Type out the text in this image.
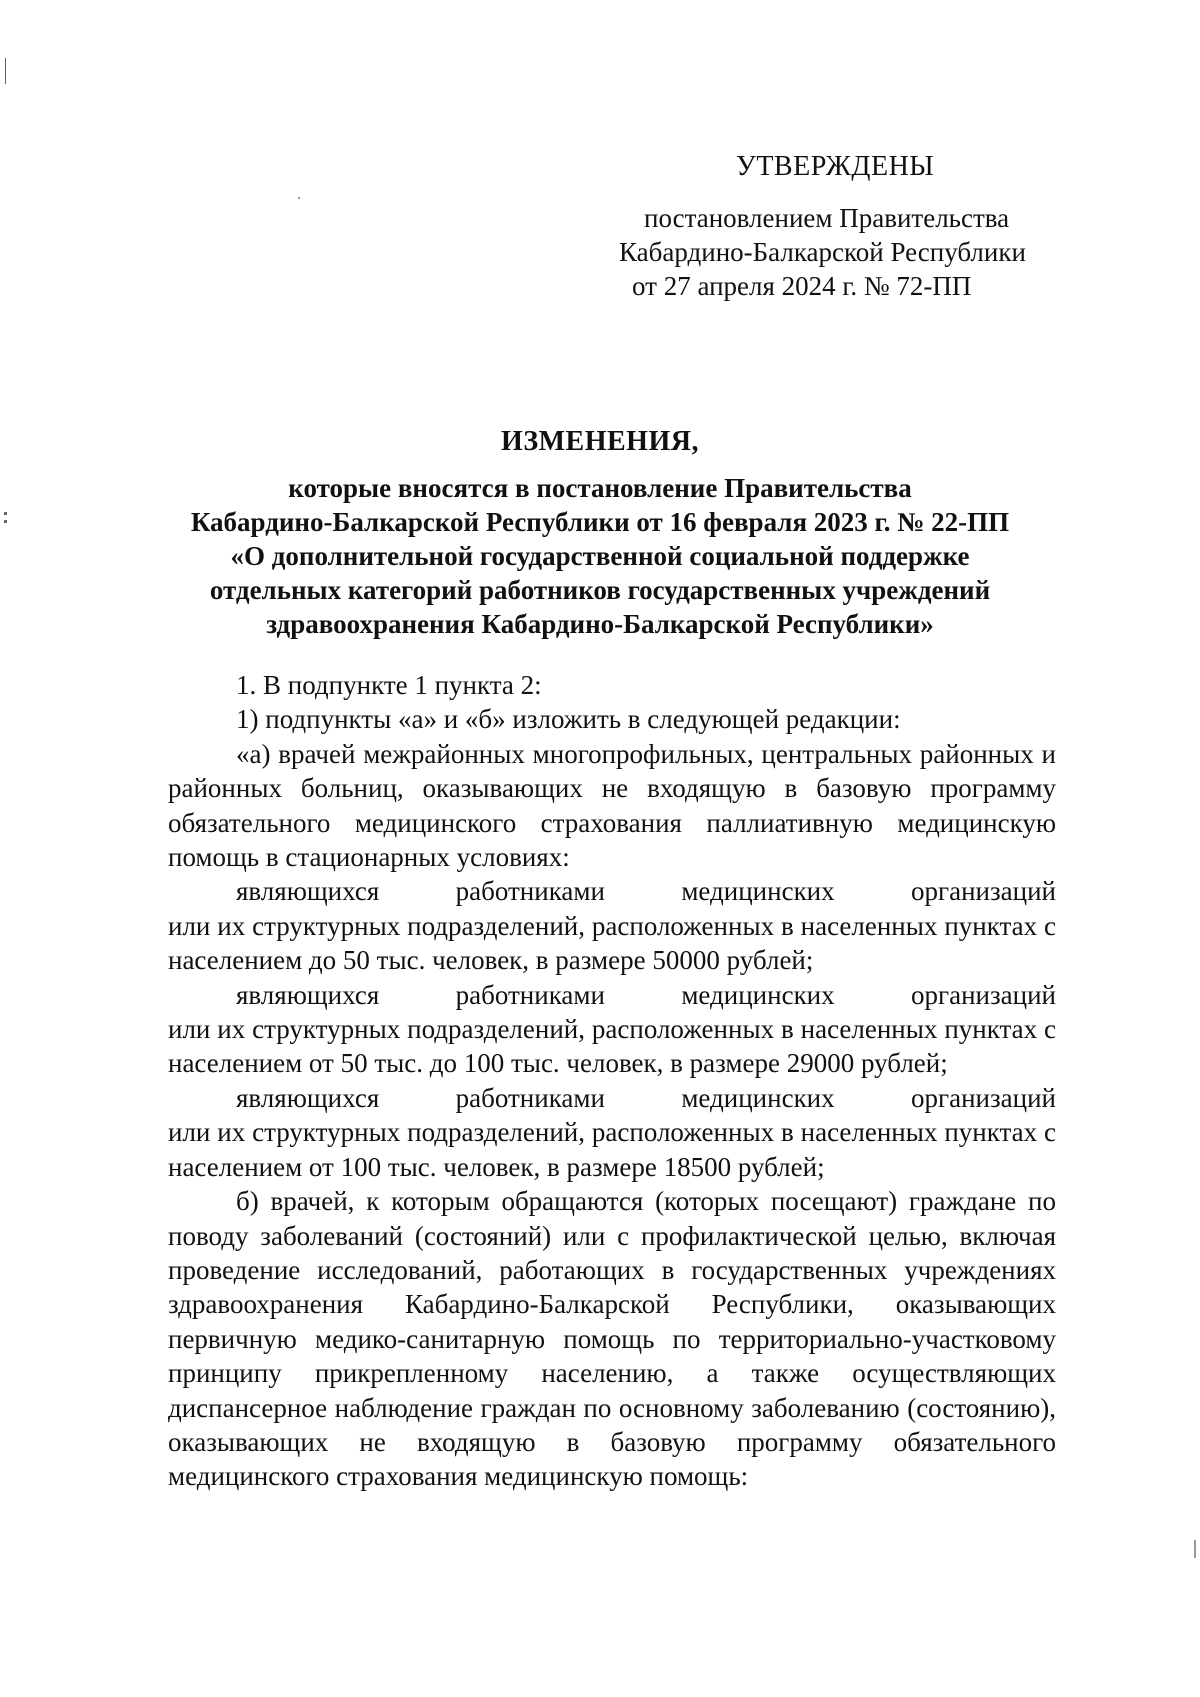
УТВЕРЖДЕНЫ
постановлением Правительства
Кабардино-Балкарской Республики
от 27 апреля 2024 г. № 72-ПП
ИЗМЕНЕНИЯ,
которые вносятся в постановление Правительства
Кабардино-Балкарской Республики от 16 февраля 2023 г. № 22-ПП
«О дополнительной государственной социальной поддержке
отдельных категорий работников государственных учреждений
здравоохранения Кабардино-Балкарской Республики»

1. В подпункте 1 пункта 2:

1) подпункты «а» и «б» изложить в следующей редакции:

«а) врачей межрайонных многопрофильных, центральных районных и районных больниц, оказывающих не входящую в базовую программу обязательного медицинского страхования паллиативную медицинскую помощь в стационарных условиях:

являющихся работниками медицинских организаций

или их структурных подразделений, расположенных в населенных пунктах с населением до 50 тыс. человек, в размере 50000 рублей;

являющихся работниками медицинских организаций

или их структурных подразделений, расположенных в населенных пунктах с населением от 50 тыс. до 100 тыс. человек, в размере 29000 рублей;

являющихся работниками медицинских организаций

или их структурных подразделений, расположенных в населенных пунктах с населением от 100 тыс. человек, в размере 18500 рублей;

б) врачей, к которым обращаются (которых посещают) граждане по поводу заболеваний (состояний) или с профилактической целью, включая проведение исследований, работающих в государственных учреждениях здравоохранения Кабардино-Балкарской Республики, оказывающих первичную медико-санитарную помощь по территориально-участковому принципу прикрепленному населению, а также осуществляющих диспансерное наблюдение граждан по основному заболеванию (состоянию), оказывающих не входящую в базовую программу обязательного медицинского страхования медицинскую помощь:
